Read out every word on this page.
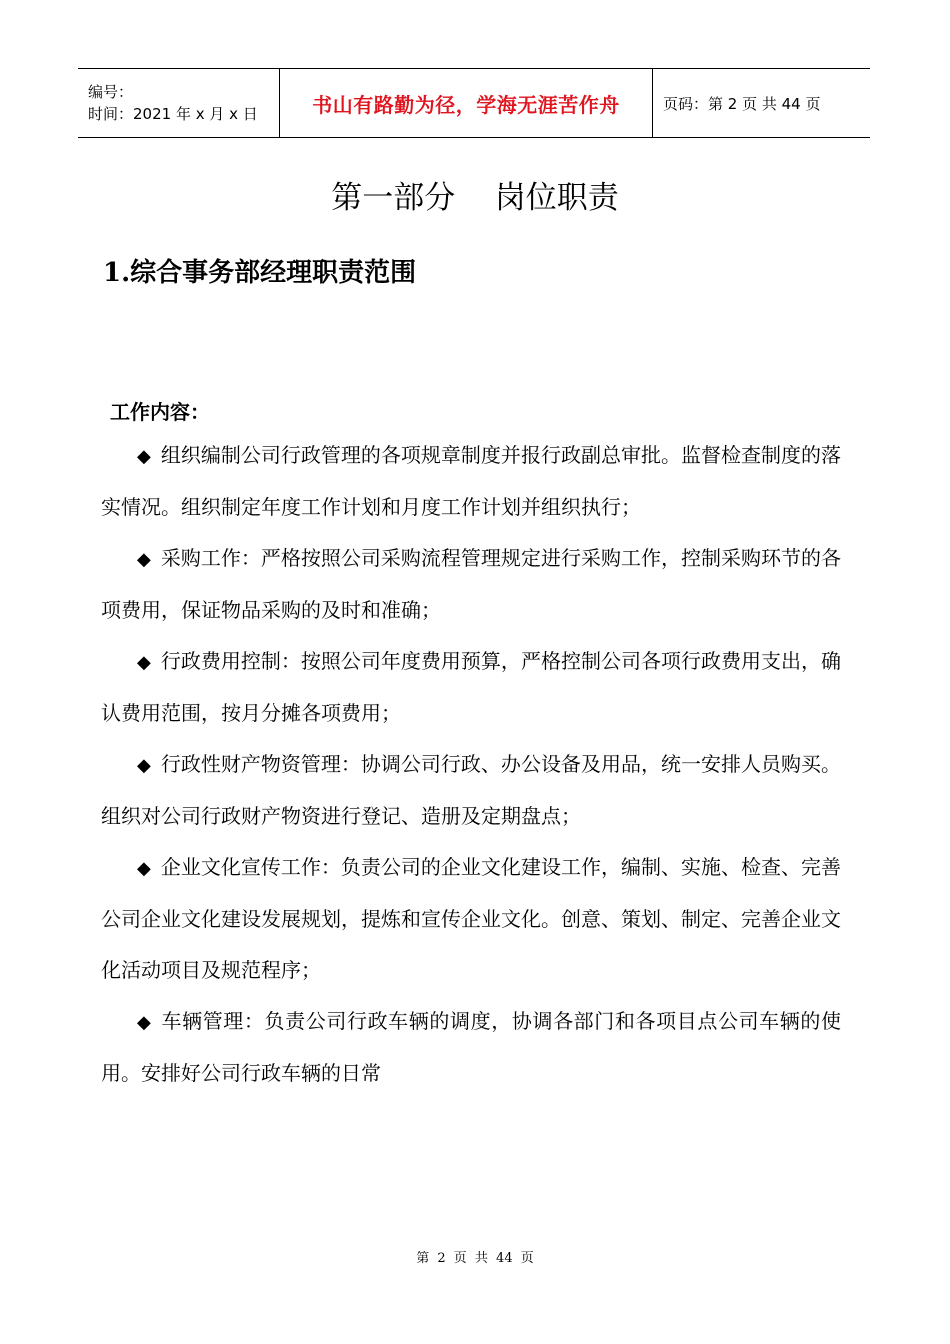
编号：
时间：2021 年 x 月 x 日	书山有路勤为径，学海无涯苦作舟	页码：第 2 页 共 44 页
第一部分    岗位职责
1.综合事务部经理职责范围
工作内容：

◆ 组织编制公司行政管理的各项规章制度并报行政副总审批。监督检查制度的落实情况。组织制定年度工作计划和月度工作计划并组织执行；

◆ 采购工作：严格按照公司采购流程管理规定进行采购工作，控制采购环节的各项费用，保证物品采购的及时和准确；

◆ 行政费用控制：按照公司年度费用预算，严格控制公司各项行政费用支出，确认费用范围，按月分摊各项费用；

◆ 行政性财产物资管理：协调公司行政、办公设备及用品，统一安排人员购买。组织对公司行政财产物资进行登记、造册及定期盘点；

◆ 企业文化宣传工作：负责公司的企业文化建设工作，编制、实施、检查、完善公司企业文化建设发展规划，提炼和宣传企业文化。创意、策划、制定、完善企业文化活动项目及规范程序；

◆ 车辆管理：负责公司行政车辆的调度，协调各部门和各项目点公司车辆的使用。安排好公司行政车辆的日常

第 2 页 共 44 页
